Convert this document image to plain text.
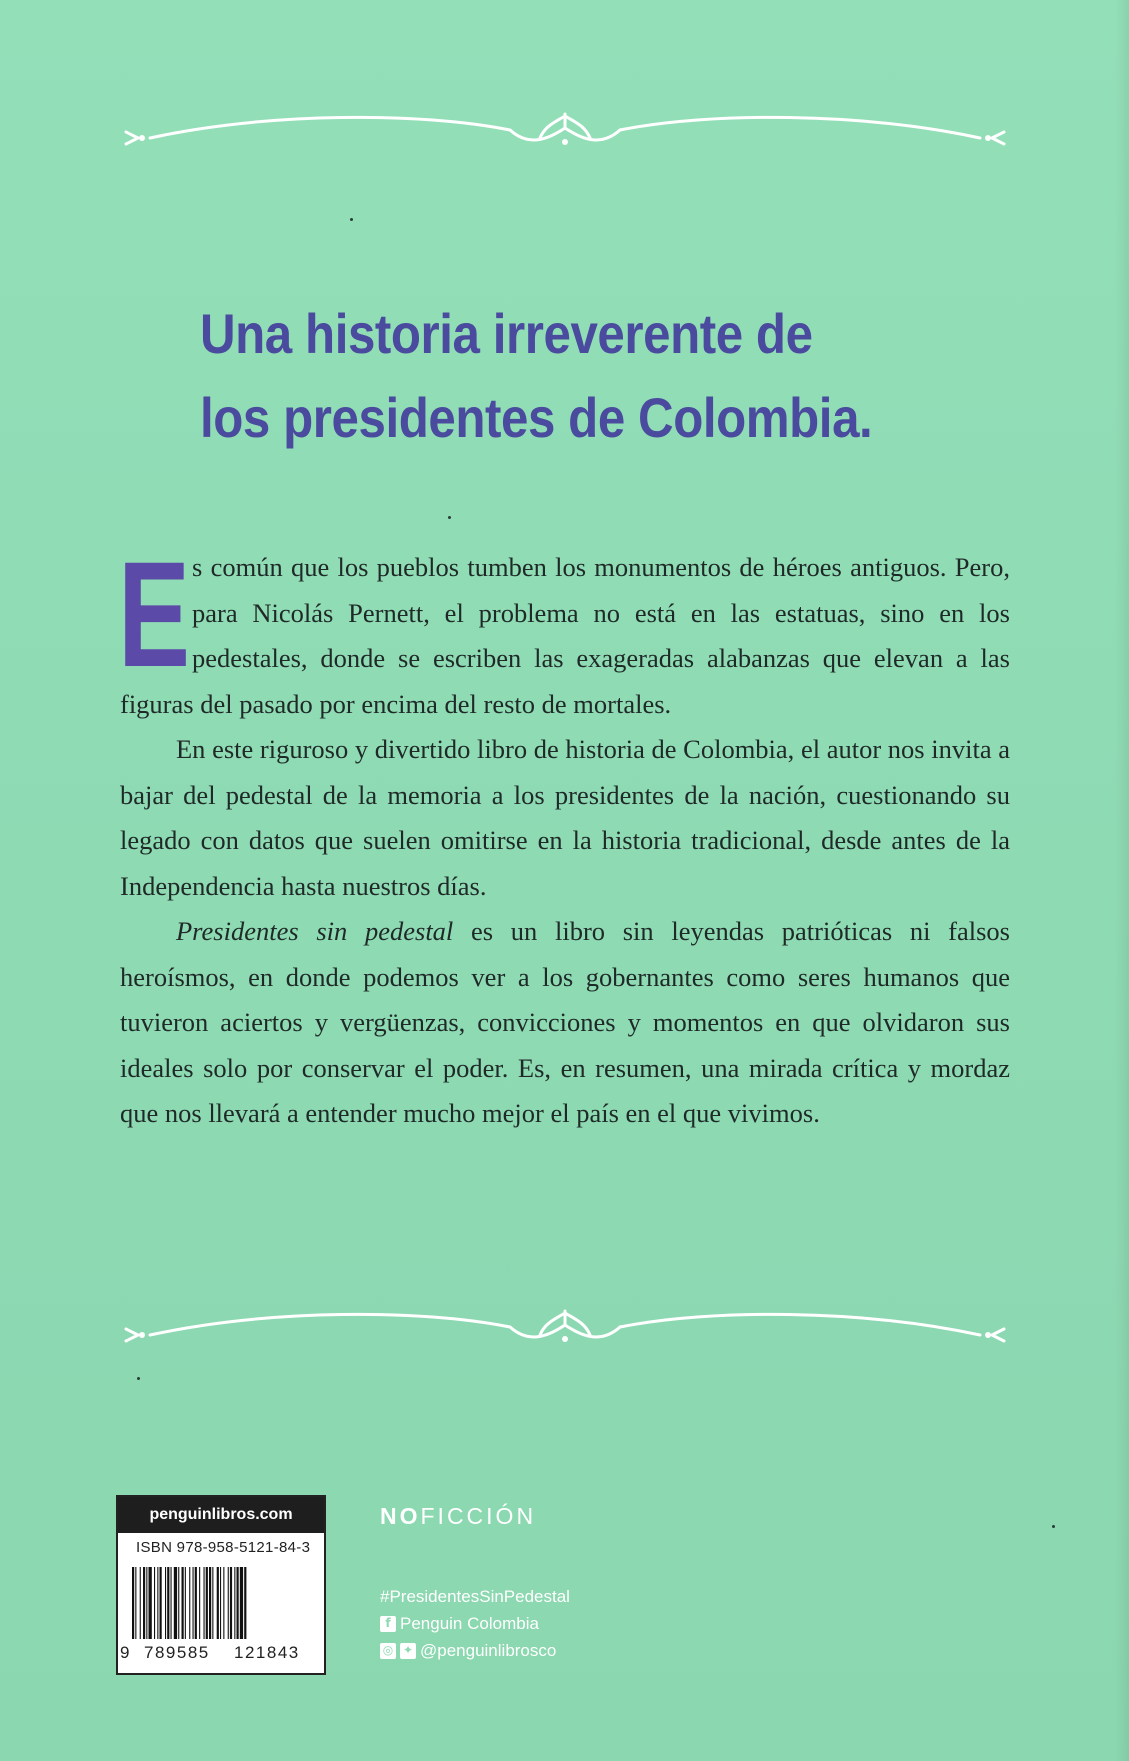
Una historia irreverente de
los presidentes de Colombia.

Es común que los pueblos tumben los monumentos de héroes antiguos. Pero, para Nicolás Pernett, el problema no está en las estatuas, sino en los pedestales, donde se escriben las exageradas alabanzas que elevan a las figuras del pasado por encima del resto de mortales.

En este riguroso y divertido libro de historia de Colombia, el autor nos invita a bajar del pedestal de la memoria a los presidentes de la nación, cuestionando su legado con datos que suelen omitirse en la historia tradicional, desde antes de la Independencia hasta nuestros días.

Presidentes sin pedestal es un libro sin leyendas patrióticas ni falsos heroísmos, en donde podemos ver a los gobernantes como seres humanos que tuvieron aciertos y vergüenzas, convicciones y momentos en que olvidaron sus ideales solo por conservar el poder. Es, en resumen, una mirada crítica y mordaz que nos llevará a entender mucho mejor el país en el que vivimos.

penguinlibros.com
ISBN 978-958-5121-84-3
9 789585 121843
NOFICCIÓN
#PresidentesSinPedestal
f Penguin Colombia
◎ ✦ @penguinlibrosco
